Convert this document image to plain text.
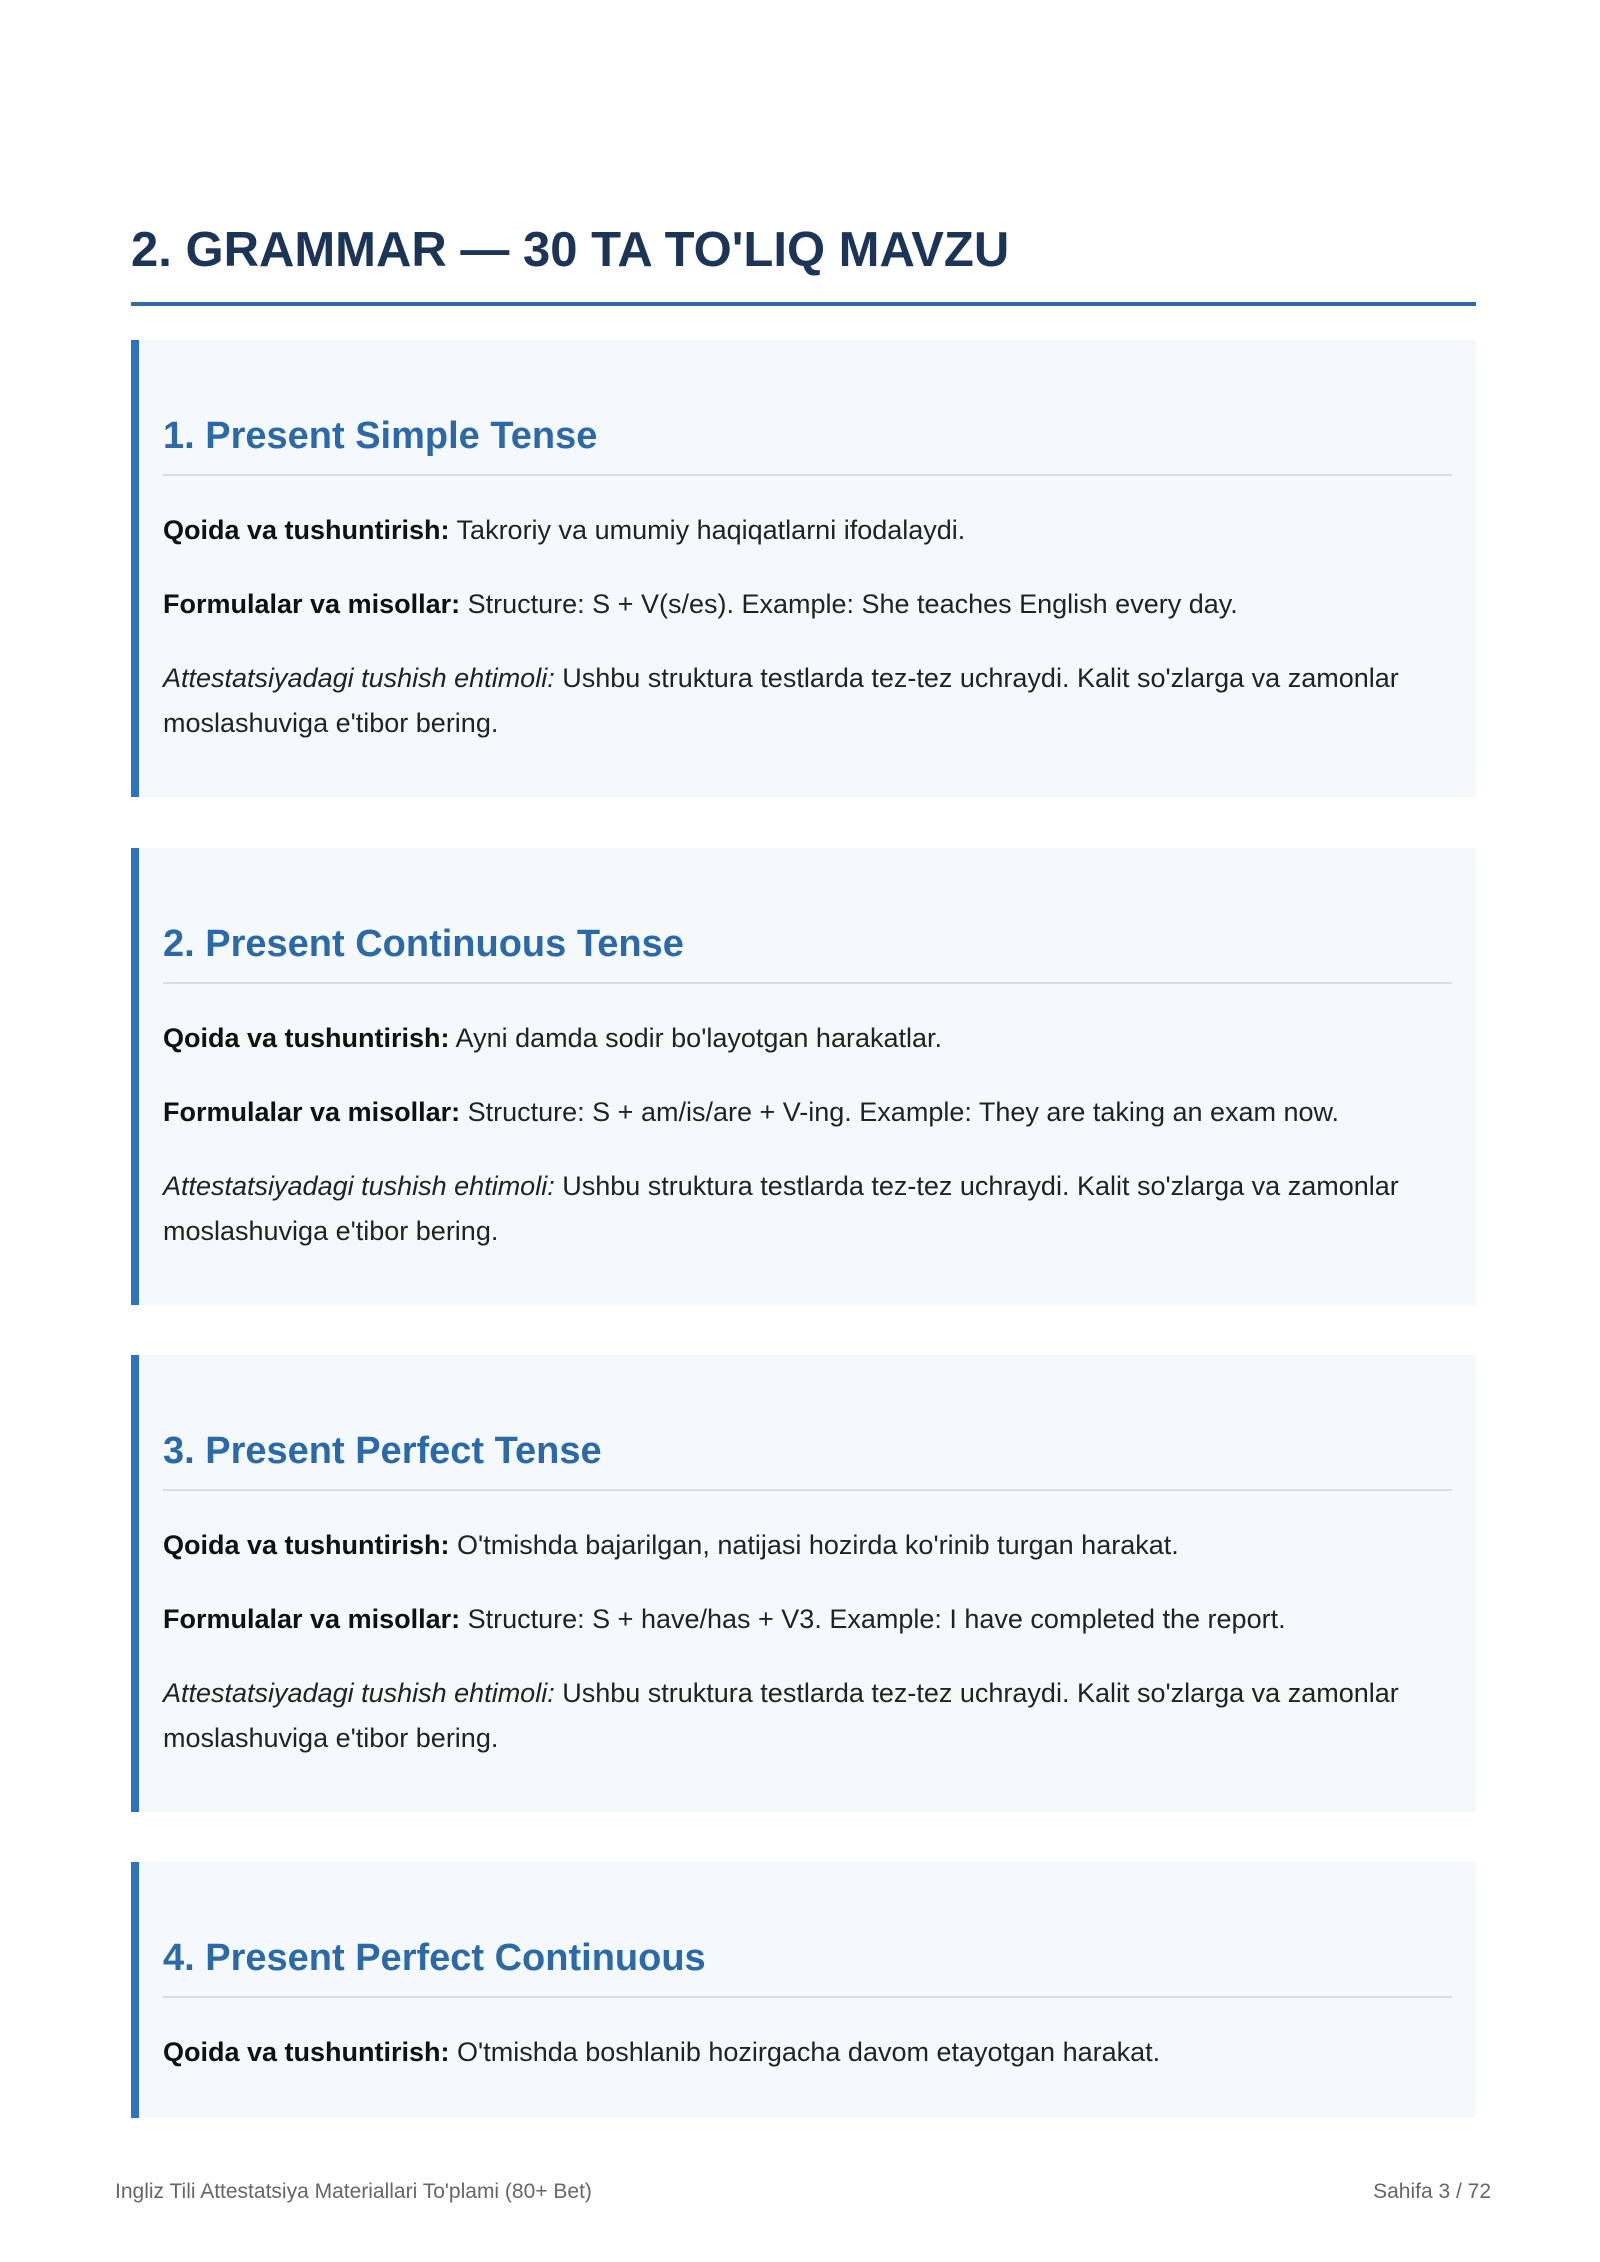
2. GRAMMAR — 30 TA TO'LIQ MAVZU
1. Present Simple Tense

Qoida va tushuntirish: Takroriy va umumiy haqiqatlarni ifodalaydi.

Formulalar va misollar: Structure: S + V(s/es). Example: She teaches English every day.

Attestatsiyadagi tushish ehtimoli: Ushbu struktura testlarda tez-tez uchraydi. Kalit so'zlarga va zamonlar moslashuviga e'tibor bering.

2. Present Continuous Tense

Qoida va tushuntirish: Ayni damda sodir bo'layotgan harakatlar.

Formulalar va misollar: Structure: S + am/is/are + V-ing. Example: They are taking an exam now.

Attestatsiyadagi tushish ehtimoli: Ushbu struktura testlarda tez-tez uchraydi. Kalit so'zlarga va zamonlar moslashuviga e'tibor bering.

3. Present Perfect Tense

Qoida va tushuntirish: O'tmishda bajarilgan, natijasi hozirda ko'rinib turgan harakat.

Formulalar va misollar: Structure: S + have/has + V3. Example: I have completed the report.

Attestatsiyadagi tushish ehtimoli: Ushbu struktura testlarda tez-tez uchraydi. Kalit so'zlarga va zamonlar moslashuviga e'tibor bering.

4. Present Perfect Continuous

Qoida va tushuntirish: O'tmishda boshlanib hozirgacha davom etayotgan harakat.

Ingliz Tili Attestatsiya Materiallari To'plami (80+ Bet)	Sahifa 3 / 72
